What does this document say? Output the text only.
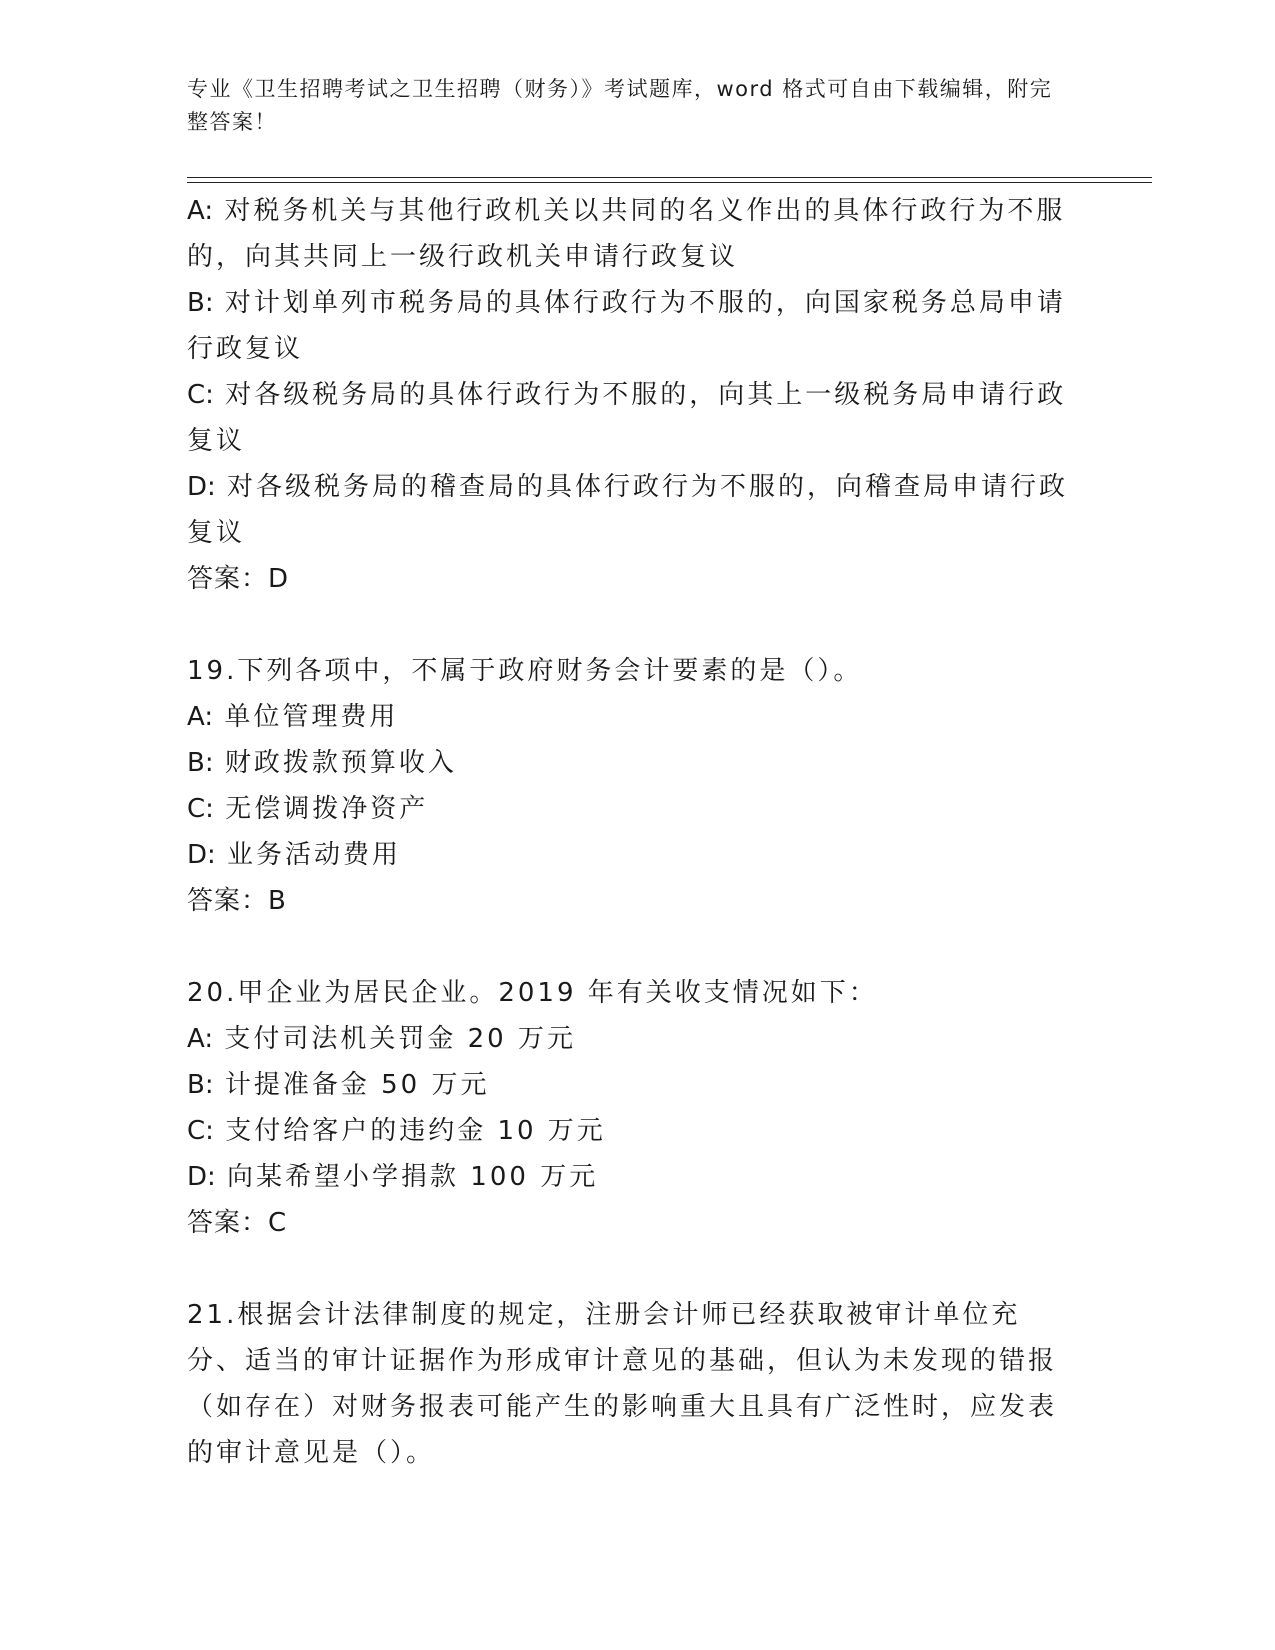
专业《卫生招聘考试之卫生招聘（财务）》考试题库，word 格式可自由下载编辑，附完整答案！

A: 对税务机关与其他行政机关以共同的名义作出的具体行政行为不服的，向其共同上一级行政机关申请行政复议

B: 对计划单列市税务局的具体行政行为不服的，向国家税务总局申请行政复议

C: 对各级税务局的具体行政行为不服的，向其上一级税务局申请行政复议

D: 对各级税务局的稽查局的具体行政行为不服的，向稽查局申请行政复议

答案：D

19.下列各项中，不属于政府财务会计要素的是（）。

A: 单位管理费用

B: 财政拨款预算收入

C: 无偿调拨净资产

D: 业务活动费用

答案：B

20.甲企业为居民企业。2019 年有关收支情况如下：

A: 支付司法机关罚金 20 万元

B: 计提准备金 50 万元

C: 支付给客户的违约金 10 万元

D: 向某希望小学捐款 100 万元

答案：C

21.根据会计法律制度的规定，注册会计师已经获取被审计单位充分、适当的审计证据作为形成审计意见的基础，但认为未发现的错报（如存在）对财务报表可能产生的影响重大且具有广泛性时，应发表的审计意见是（）。
